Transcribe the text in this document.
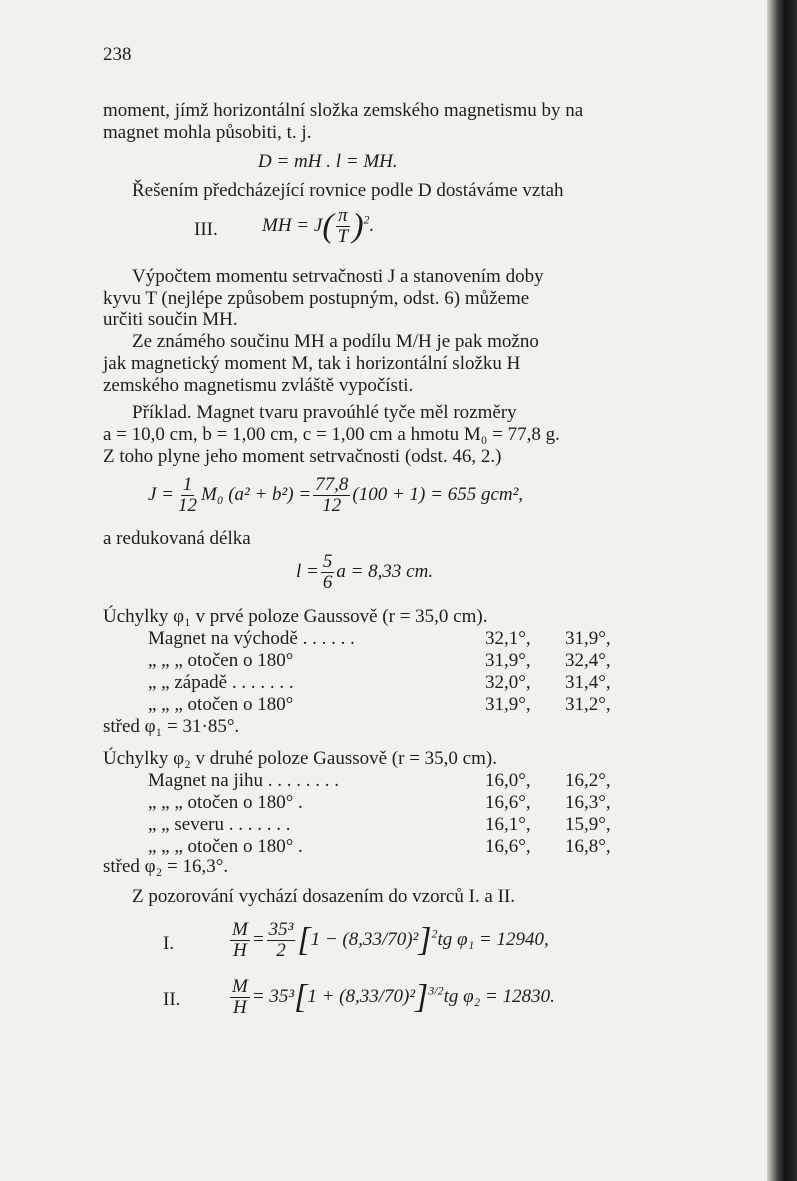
238
moment, jímž horizontální složka zemského magnetismu by na
magnet mohla působiti, t. j.
D = mH . l = MH.
Řešením předcházející rovnice podle D dostáváme vztah
III. MH = $J( \frac{\pi}{T} )^2$.
Výpočtem momentu setrvačnosti J a stanovením doby
kyvu T (nejlépe způsobem postupným, odst. 6) můžeme
určiti součin MH.
Ze známého součinu MH a podílu M/H je pak možno
jak magnetický moment M, tak i horizontální složku H
zemského magnetismu zvláště vypočísti.
Příklad. Magnet tvaru pravoúhlé tyče měl rozměry
a = 10,0 cm, b = 1,00 cm, c = 1,00 cm a hmotu M₀ = 77,8 g.
Z toho plyne jeho moment setrvačnosti (odst. 46, 2.)
$J = \frac{1}{12} M_0$ $(a^2 + b^2) = \frac{77,8}{12} (100 + 1) = 655$ gcm²,
a redukovaná délka
$l = \frac{5}{6}$ a = 8,33 cm.
Úchylky φ₁ v prvé poloze Gaussově (r = 35,0 cm).
Magnet na východě . . . . . .	32,1°, 31,9°,
„ „ „ otočen o 180°	31,9°, 32,4°,
„ „ západě . . . . . . .	32,0°, 31,4°,
„ „ „ otočen o 180°	31,9°, 31,2°,
střed φ₁ = 31·85°.
Úchylky φ₂ v druhé poloze Gaussově (r = 35,0 cm).
Magnet na jihu . . . . . . . .	16,0°, 16,2°,
„ „ „ otočen o 180° .	16,6°, 16,3°,
„ „ severu . . . . . . .	16,1°, 15,9°,
„ „ „ otočen o 180° .	16,6°, 16,8°,
střed φ₂ = 16,3°.
Z pozorování vychází dosazením do vzorců I. a II.
I.	$\frac{M}{H} = \frac{\text{35³}}{2} [1 - (8,33/70)^2]^2tg$ φ₁ = 12940,
II.	$\frac{M}{H} = 35^3[1 + (8,33/70)^2]^{3/2}tg$ φ₂ = 12830.
